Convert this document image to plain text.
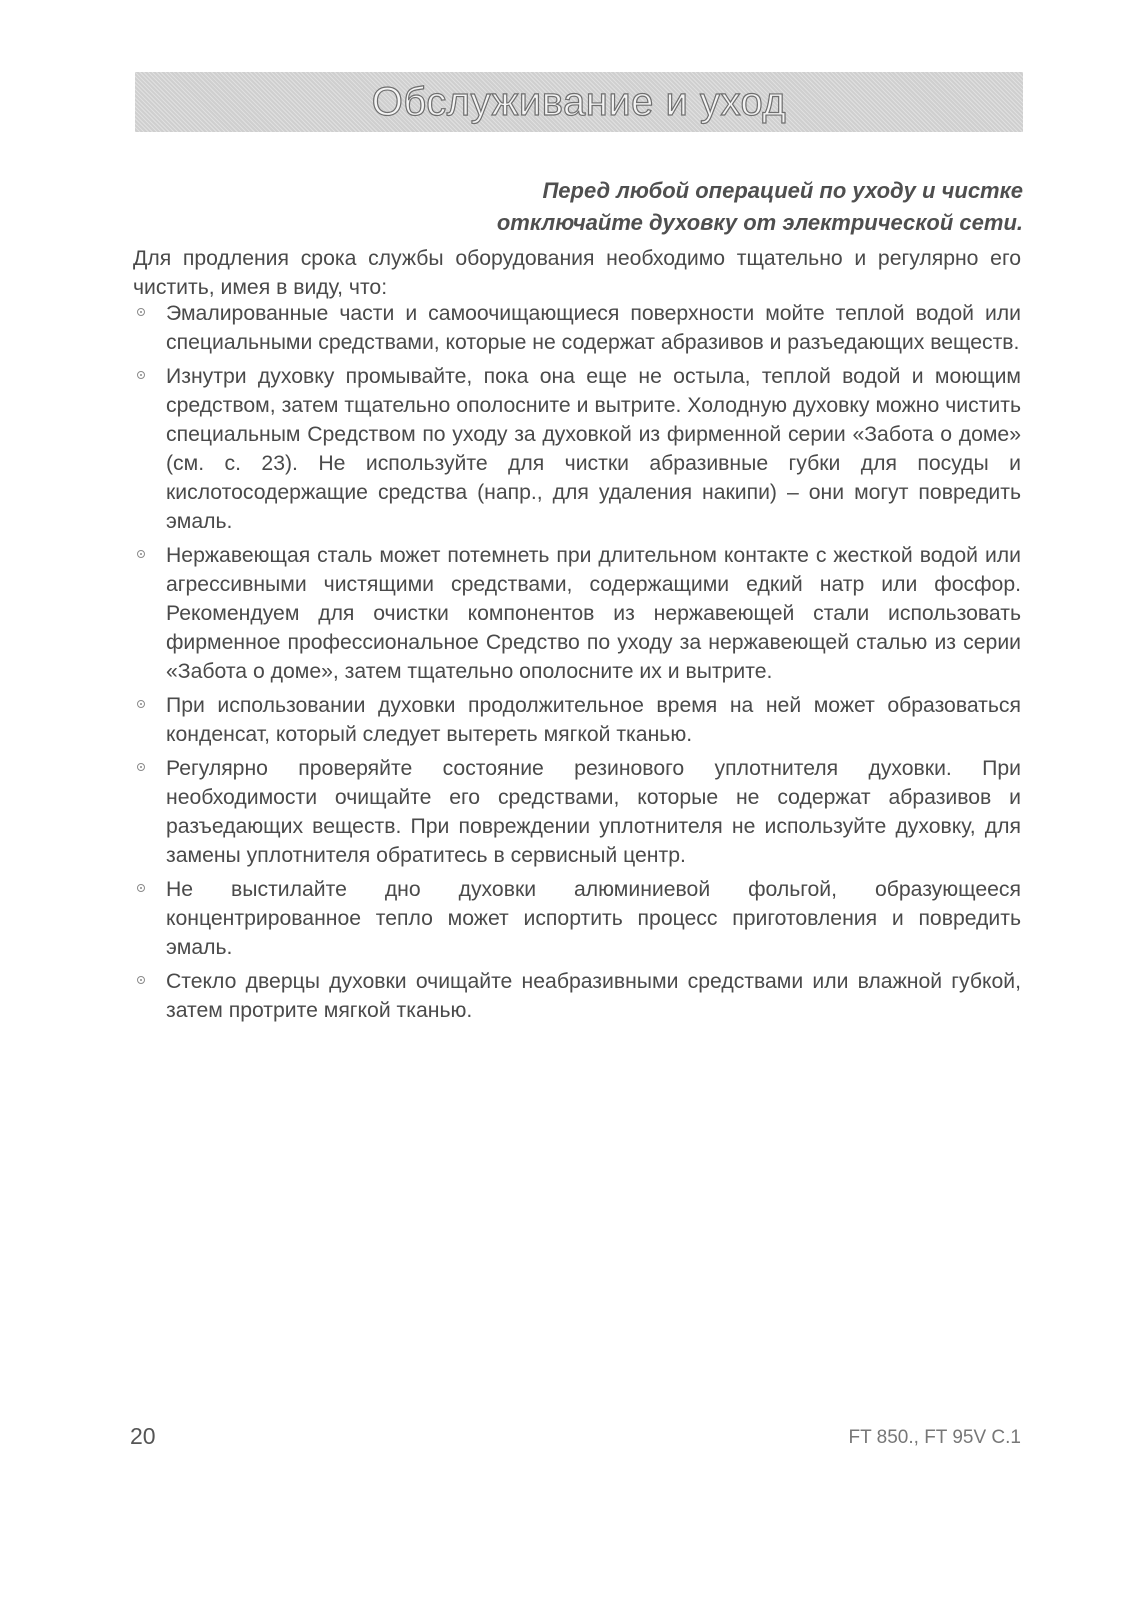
Обслуживание и уход
Перед любой операцией по уходу и чистке
отключайте духовку от электрической сети.
Для продления срока службы оборудования необходимо тщательно и регулярно его чистить, имея в виду, что:
Эмалированные части и самоочищающиеся поверхности мойте теплой водой или специальными средствами, которые не содержат абразивов и разъедающих веществ.
Изнутри духовку промывайте, пока она еще не остыла, теплой водой и моющим средством, затем тщательно ополосните и вытрите. Холодную духовку можно чистить специальным Средством по уходу за духовкой из фирменной серии «Забота о доме» (см. с. 23). Не используйте для чистки абразивные губки для посуды и кислотосодержащие средства (напр., для удаления накипи) – они могут повредить эмаль.
Нержавеющая сталь может потемнеть при длительном контакте с жесткой водой или агрессивными чистящими средствами, содержащими едкий натр или фосфор. Рекомендуем для очистки компонентов из нержавеющей стали использовать фирменное профессиональное Средство по уходу за нержавеющей сталью из серии «Забота о доме», затем тщательно ополосните их и вытрите.
При использовании духовки продолжительное время на ней может образоваться конденсат, который следует вытереть мягкой тканью.
Регулярно проверяйте состояние резинового уплотнителя духовки. При необходимости очищайте его средствами, которые не содержат абразивов и разъедающих веществ. При повреждении уплотнителя не используйте духовку, для замены уплотнителя обратитесь в сервисный центр.
Не выстилайте дно духовки алюминиевой фольгой, образующееся концентрированное тепло может испортить процесс приготовления и повредить эмаль.
Стекло дверцы духовки очищайте неабразивными средствами или влажной губкой, затем протрите мягкой тканью.
20	FT 850., FT 95V C.1
